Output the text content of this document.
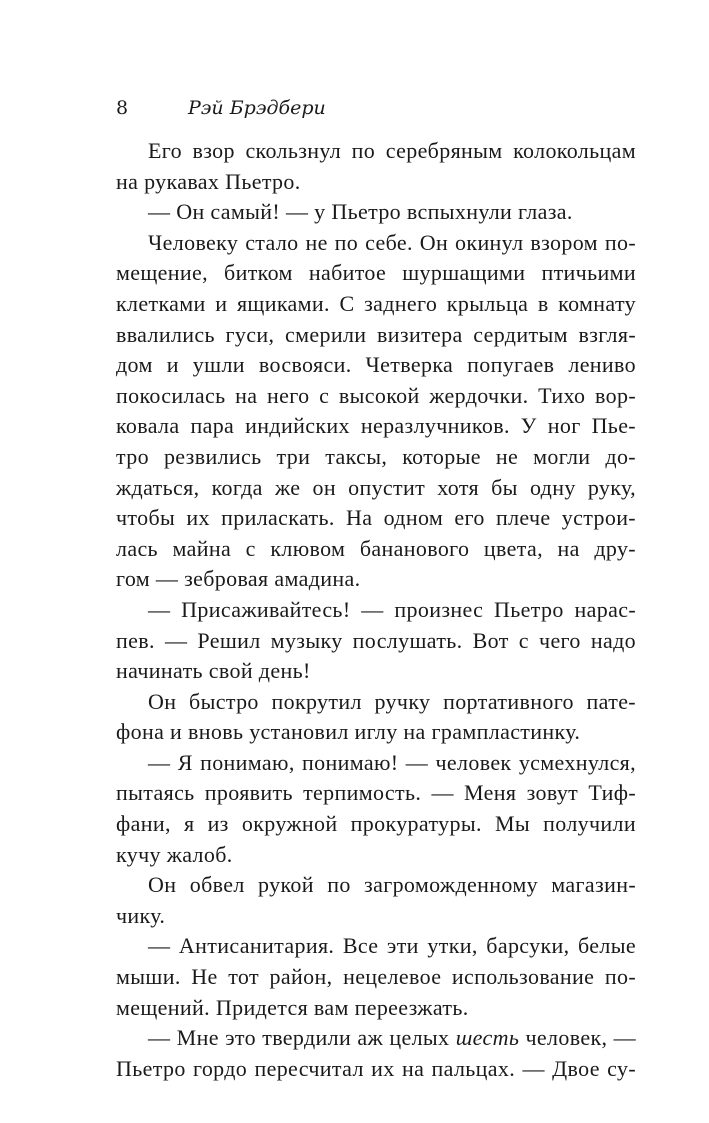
8	Рэй Брэдбери
Его взор скользнул по серебряным колокольцам
на рукавах Пьетро.
— Он самый! — у Пьетро вспыхнули глаза.
Человеку стало не по себе. Он окинул взором по-
мещение, битком набитое шуршащими птичьими
клетками и ящиками. С заднего крыльца в комнату
ввалились гуси, смерили визитера сердитым взгля-
дом и ушли восвояси. Четверка попугаев лениво
покосилась на него с высокой жердочки. Тихо вор-
ковала пара индийских неразлучников. У ног Пье-
тро резвились три таксы, которые не могли до-
ждаться, когда же он опустит хотя бы одну руку,
чтобы их приласкать. На одном его плече устрои-
лась майна с клювом бананового цвета, на дру-
гом — зебровая амадина.
— Присаживайтесь! — произнес Пьетро нарас-
пев. — Решил музыку послушать. Вот с чего надо
начинать свой день!
Он быстро покрутил ручку портативного пате-
фона и вновь установил иглу на грампластинку.
— Я понимаю, понимаю! — человек усмехнулся,
пытаясь проявить терпимость. — Меня зовут Тиф-
фани, я из окружной прокуратуры. Мы получили
кучу жалоб.
Он обвел рукой по загроможденному магазин-
чику.
— Антисанитария. Все эти утки, барсуки, белые
мыши. Не тот район, нецелевое использование по-
мещений. Придется вам переезжать.
— Мне это твердили аж целых шесть человек, —
Пьетро гордо пересчитал их на пальцах. — Двое су-
